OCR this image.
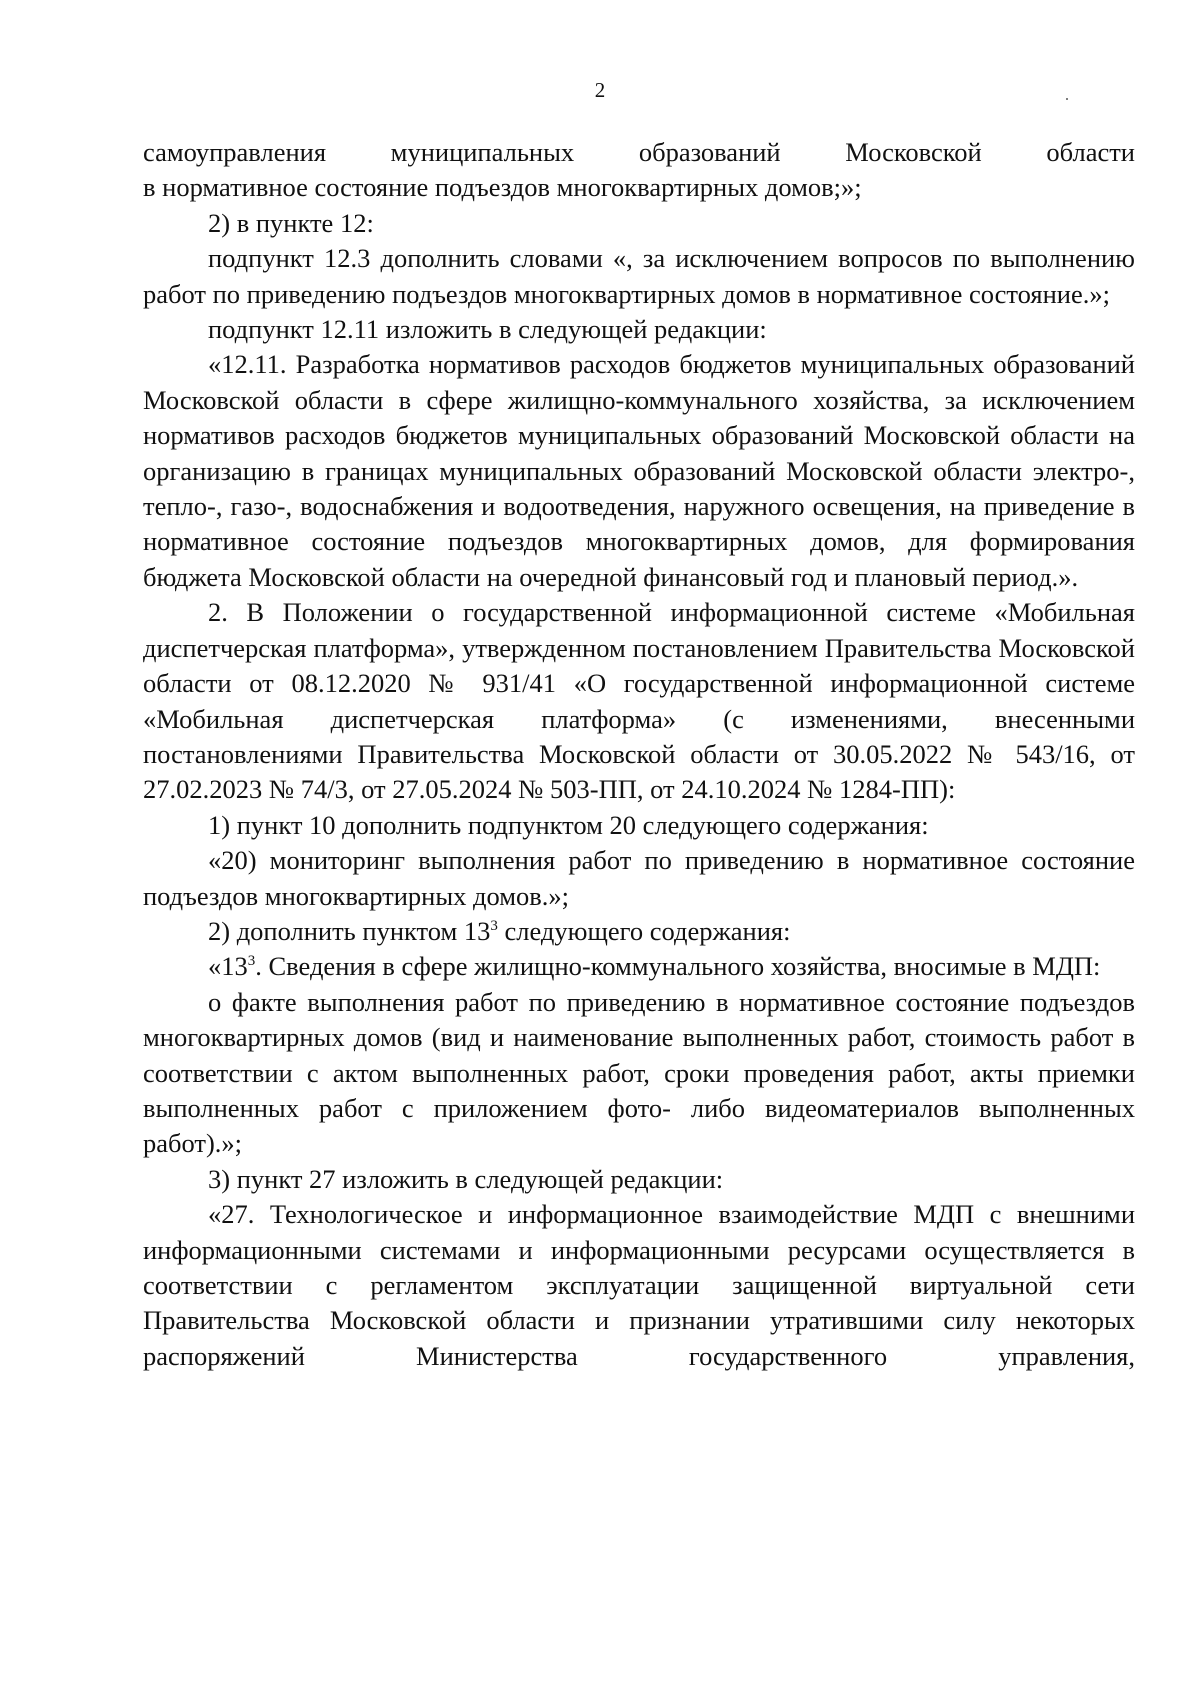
2

самоуправления муниципальных образований Московской области
в нормативное состояние подъездов многоквартирных домов;»;

2) в пункте 12:

подпункт 12.3 дополнить словами «, за исключением вопросов по выполнению работ по приведению подъездов многоквартирных домов в нормативное состояние.»;

подпункт 12.11 изложить в следующей редакции:

«12.11. Разработка нормативов расходов бюджетов муниципальных образований Московской области в сфере жилищно-коммунального хозяйства, за исключением нормативов расходов бюджетов муниципальных образований Московской области на организацию в границах муниципальных образований Московской области электро-, тепло-, газо-, водоснабжения и водоотведения, наружного освещения, на приведение в нормативное состояние подъездов многоквартирных домов, для формирования бюджета Московской области на очередной финансовый год и плановый период.».

2. В Положении о государственной информационной системе «Мобильная диспетчерская платформа», утвержденном постановлением Правительства Московской области от 08.12.2020 № 931/41 «О государственной информационной системе «Мобильная диспетчерская платформа» (с изменениями, внесенными постановлениями Правительства Московской области от 30.05.2022 № 543/16, от 27.02.2023 № 74/3, от 27.05.2024 № 503-ПП, от 24.10.2024 № 1284-ПП):

1) пункт 10 дополнить подпунктом 20 следующего содержания:

«20) мониторинг выполнения работ по приведению в нормативное состояние подъездов многоквартирных домов.»;

2) дополнить пунктом $13^3$ следующего содержания:

«$13^3$. Сведения в сфере жилищно-коммунального хозяйства, вносимые в МДП:

о факте выполнения работ по приведению в нормативное состояние подъездов многоквартирных домов (вид и наименование выполненных работ, стоимость работ в соответствии с актом выполненных работ, сроки проведения работ, акты приемки выполненных работ с приложением фото- либо видеоматериалов выполненных работ).»;

3) пункт 27 изложить в следующей редакции:

«27. Технологическое и информационное взаимодействие МДП с внешними информационными системами и информационными ресурсами осуществляется в соответствии с регламентом эксплуатации защищенной виртуальной сети Правительства Московской области и признании утратившими силу некоторых распоряжений Министерства государственного управления,
